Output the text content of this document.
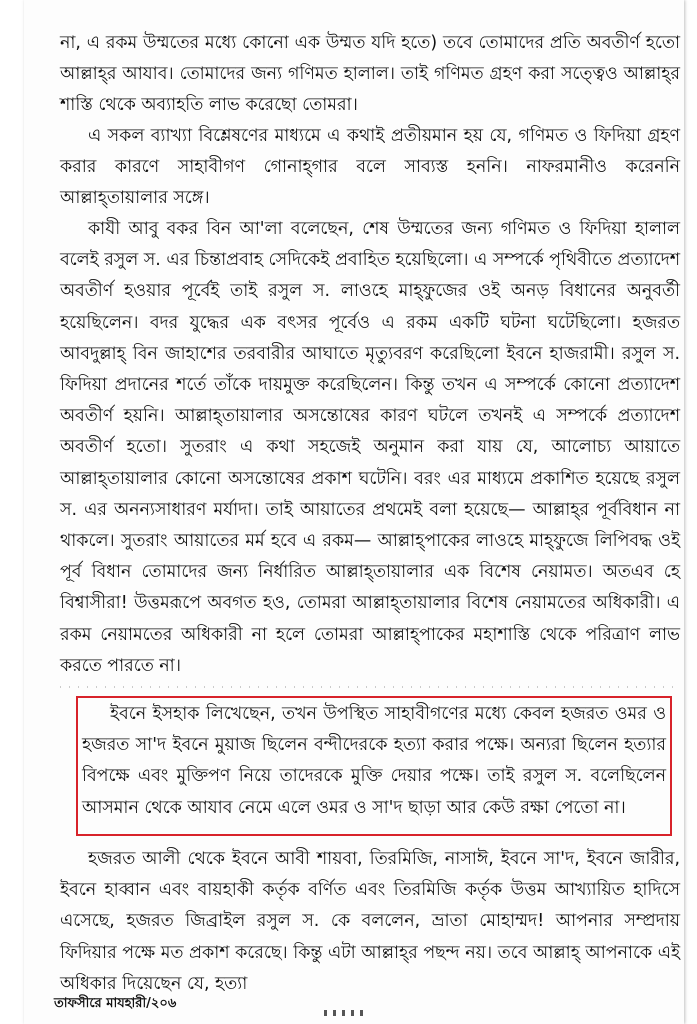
না, এ রকম উম্মতের মধ্যে কোনো এক উম্মত যদি হতে) তবে তোমাদের প্রতি অবতীর্ণ হতো আল্লাহ্‌র আযাব। তোমাদের জন্য গণিমত হালাল। তাই গণিমত গ্রহণ করা সত্ত্বেও আল্লাহ্‌র শাস্তি থেকে অব্যাহতি লাভ করেছো তোমরা।

এ সকল ব্যাখ্যা বিশ্লেষণের মাধ্যমে এ কথাই প্রতীয়মান হয় যে, গণিমত ও ফিদিয়া গ্রহণ করার কারণে সাহাবীগণ গোনাহ্‌গার বলে সাব্যস্ত হননি। নাফরমানীও করেননি আল্লাহ্‌তায়ালার সঙ্গে।

কাযী আবু বকর বিন আ'লা বলেছেন, শেষ উম্মতের জন্য গণিমত ও ফিদিয়া হালাল বলেই রসুল স. এর চিন্তাপ্রবাহ সেদিকেই প্রবাহিত হয়েছিলো। এ সম্পর্কে পৃথিবীতে প্রত্যাদেশ অবতীর্ণ হওয়ার পূর্বেই তাই রসুল স. লাওহে মাহ্‌ফুজের ওই অনড় বিধানের অনুবর্তী হয়েছিলেন। বদর যুদ্ধের এক বৎসর পূর্বেও এ রকম একটি ঘটনা ঘটেছিলো। হজরত আবদুল্লাহ্‌ বিন জাহাশের তরবারীর আঘাতে মৃত্যুবরণ করেছিলো ইবনে হাজরামী। রসুল স. ফিদিয়া প্রদানের শর্তে তাঁকে দায়মুক্ত করেছিলেন। কিন্তু তখন এ সম্পর্কে কোনো প্রত্যাদেশ অবতীর্ণ হয়নি। আল্লাহ্‌তায়ালার অসন্তোষের কারণ ঘটলে তখনই এ সম্পর্কে প্রত্যাদেশ অবতীর্ণ হতো। সুতরাং এ কথা সহজেই অনুমান করা যায় যে, আলোচ্য আয়াতে আল্লাহ্‌তায়ালার কোনো অসন্তোষের প্রকাশ ঘটেনি। বরং এর মাধ্যমে প্রকাশিত হয়েছে রসুল স. এর অনন্যসাধারণ মর্যাদা। তাই আয়াতের প্রথমেই বলা হয়েছে— আল্লাহ্‌র পূর্ববিধান না থাকলে। সুতরাং আয়াতের মর্ম হবে এ রকম— আল্লাহ্‌পাকের লাওহে মাহ্‌ফুজে লিপিবদ্ধ ওই পূর্ব বিধান তোমাদের জন্য নির্ধারিত আল্লাহ্‌তায়ালার এক বিশেষ নেয়ামত। অতএব হে বিশ্বাসীরা! উত্তমরূপে অবগত হও, তোমরা আল্লাহ্‌তায়ালার বিশেষ নেয়ামতের অধিকারী। এ রকম নেয়ামতের অধিকারী না হলে তোমরা আল্লাহ্‌পাকের মহাশাস্তি থেকে পরিত্রাণ লাভ করতে পারতে না।

ইবনে ইসহাক লিখেছেন, তখন উপস্থিত সাহাবীগণের মধ্যে কেবল হজরত ওমর ও হজরত সা'দ ইবনে মুয়াজ ছিলেন বন্দীদেরকে হত্যা করার পক্ষে। অন্যরা ছিলেন হত্যার বিপক্ষে এবং মুক্তিপণ নিয়ে তাদেরকে মুক্তি দেয়ার পক্ষে। তাই রসুল স. বলেছিলেন আসমান থেকে আযাব নেমে এলে ওমর ও সা'দ ছাড়া আর কেউ রক্ষা পেতো না।

হজরত আলী থেকে ইবনে আবী শায়বা, তিরমিজি, নাসাঈ, ইবনে সা'দ, ইবনে জারীর, ইবনে হাব্বান এবং বায়হাকী কর্তৃক বর্ণিত এবং তিরমিজি কর্তৃক উত্তম আখ্যায়িত হাদিসে এসেছে, হজরত জিব্রাইল রসুল স. কে বললেন, ভ্রাতা মোহাম্মদ! আপনার সম্প্রদায় ফিদিয়ার পক্ষে মত প্রকাশ করেছে। কিন্তু এটা আল্লাহ্‌র পছন্দ নয়। তবে আল্লাহ্‌ আপনাকে এই অধিকার দিয়েছেন যে, হত্যা

তাফসীরে মাযহারী/২০৬
